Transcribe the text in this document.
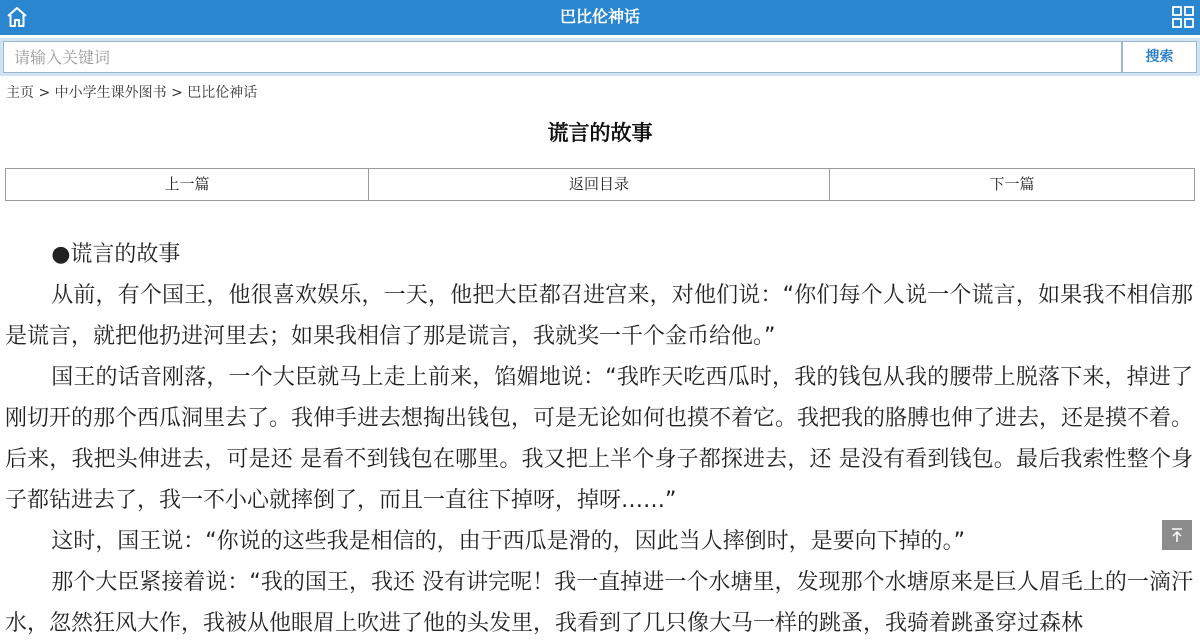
巴比伦神话
请输入关键词
搜索
主页 > 中小学生课外图书 > 巴比伦神话
谎言的故事
上一篇	返回目录	下一篇

●谎言的故事

从前，有个国王，他很喜欢娱乐，一天，他把大臣都召进宫来，对他们说：“你们每个人说一个谎言，如果我不相信那是谎言，就把他扔进河里去；如果我相信了那是谎言，我就奖一千个金币给他。”

国王的话音刚落，一个大臣就马上走上前来，馅媚地说：“我昨天吃西瓜时，我的钱包从我的腰带上脱落下来，掉进了刚切开的那个西瓜洞里去了。我伸手进去想掏出钱包，可是无论如何也摸不着它。我把我的胳膊也伸了进去，还是摸不着。后来，我把头伸进去，可是还 是看不到钱包在哪里。我又把上半个身子都探进去，还 是没有看到钱包。最后我索性整个身子都钻进去了，我一不小心就摔倒了，而且一直往下掉呀，掉呀……”

这时，国王说：“你说的这些我是相信的，由于西瓜是滑的，因此当人摔倒时，是要向下掉的。”

那个大臣紧接着说：“我的国王，我还 没有讲完呢！我一直掉进一个水塘里，发现那个水塘原来是巨人眉毛上的一滴汗水，忽然狂风大作，我被从他眼眉上吹进了他的头发里，我看到了几只像大马一样的跳蚤，我骑着跳蚤穿过森林
